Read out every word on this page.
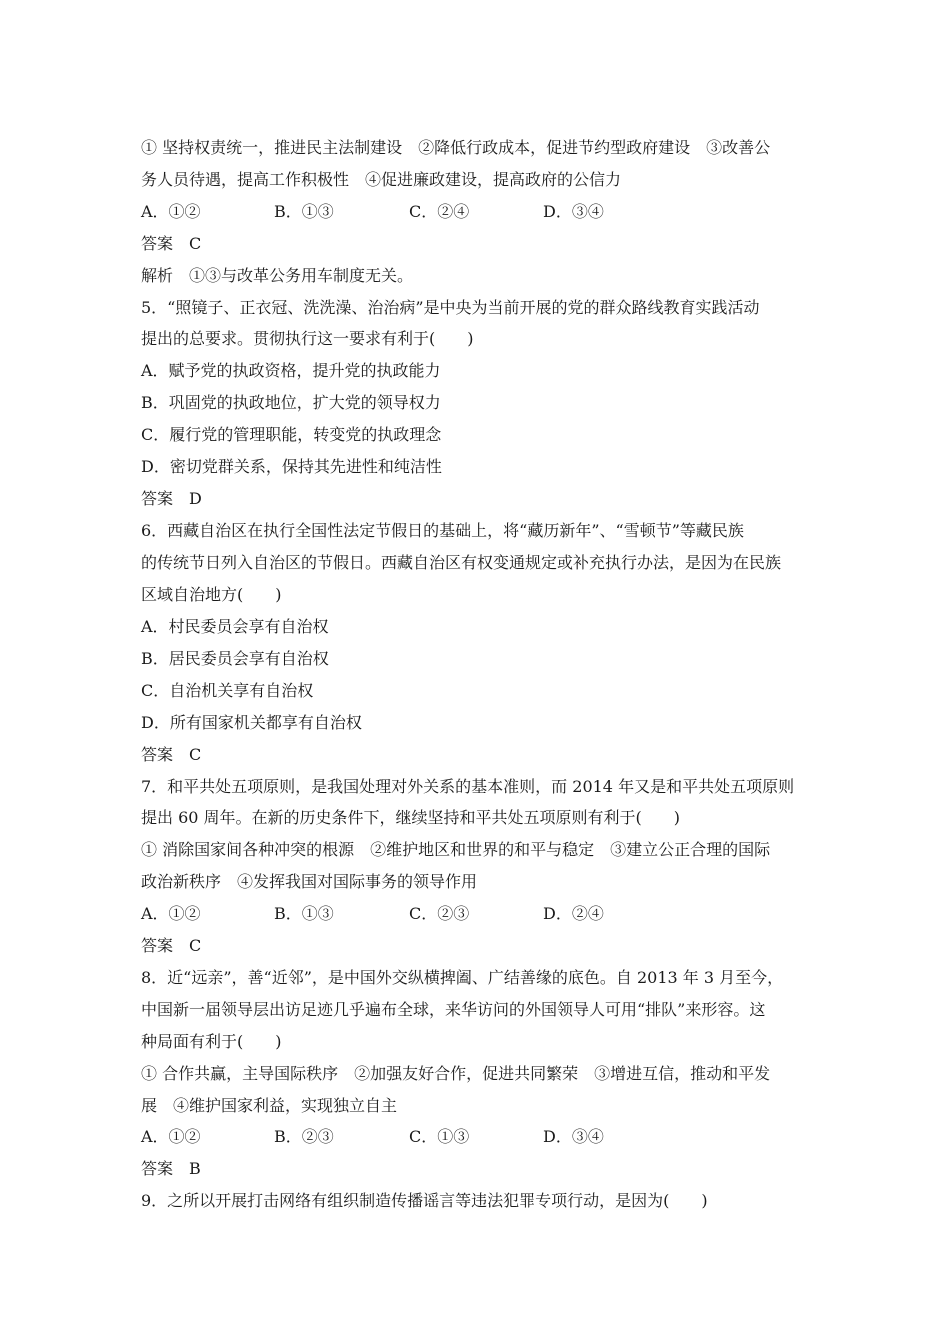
① 坚持权责统一，推进民主法制建设　②降低行政成本，促进节约型政府建设　③改善公
务人员待遇，提高工作积极性　④促进廉政建设，提高政府的公信力
A．①②	B．①③	C．②④	D．③④
答案　C
解析　①③与改革公务用车制度无关。
5．“照镜子、正衣冠、洗洗澡、治治病”是中央为当前开展的党的群众路线教育实践活动
提出的总要求。贯彻执行这一要求有利于(　　)
A．赋予党的执政资格，提升党的执政能力
B．巩固党的执政地位，扩大党的领导权力
C．履行党的管理职能，转变党的执政理念
D．密切党群关系，保持其先进性和纯洁性
答案　D
6．西藏自治区在执行全国性法定节假日的基础上，将“藏历新年”、“雪顿节”等藏民族
的传统节日列入自治区的节假日。西藏自治区有权变通规定或补充执行办法，是因为在民族
区域自治地方(　　)
A．村民委员会享有自治权
B．居民委员会享有自治权
C．自治机关享有自治权
D．所有国家机关都享有自治权
答案　C
7．和平共处五项原则，是我国处理对外关系的基本准则，而 2014 年又是和平共处五项原则
提出 60 周年。在新的历史条件下，继续坚持和平共处五项原则有利于(　　)
① 消除国家间各种冲突的根源　②维护地区和世界的和平与稳定　③建立公正合理的国际
政治新秩序　④发挥我国对国际事务的领导作用
A．①②	B．①③	C．②③	D．②④
答案　C
8．近“远亲”，善“近邻”，是中国外交纵横捭阖、广结善缘的底色。自 2013 年 3 月至今，
中国新一届领导层出访足迹几乎遍布全球，来华访问的外国领导人可用“排队”来形容。这
种局面有利于(　　)
① 合作共赢，主导国际秩序　②加强友好合作，促进共同繁荣　③增进互信，推动和平发
展　④维护国家利益，实现独立自主
A．①②	B．②③	C．①③	D．③④
答案　B
9．之所以开展打击网络有组织制造传播谣言等违法犯罪专项行动，是因为(　　)
